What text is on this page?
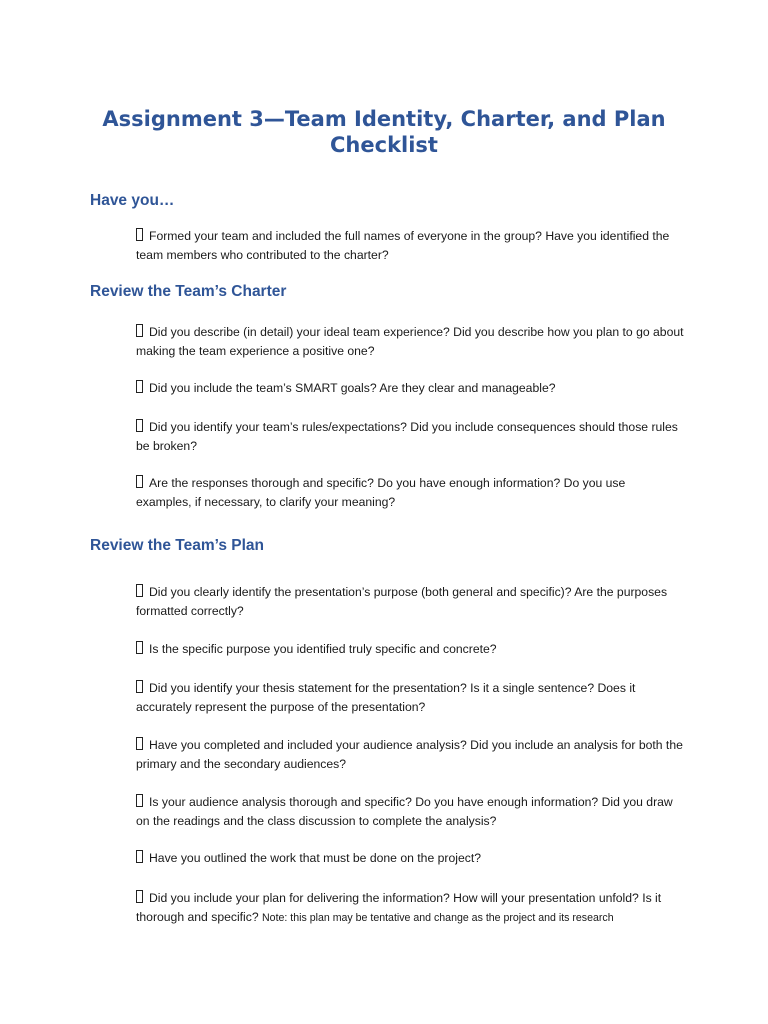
Assignment 3—Team Identity, Charter, and Plan Checklist
Have you…
Formed your team and included the full names of everyone in the group? Have you identified the team members who contributed to the charter?
Review the Team’s Charter
Did you describe (in detail) your ideal team experience? Did you describe how you plan to go about making the team experience a positive one?
Did you include the team’s SMART goals? Are they clear and manageable?
Did you identify your team’s rules/expectations? Did you include consequences should those rules be broken?
Are the responses thorough and specific? Do you have enough information? Do you use examples, if necessary, to clarify your meaning?
Review the Team’s Plan
Did you clearly identify the presentation’s purpose (both general and specific)? Are the purposes formatted correctly?
Is the specific purpose you identified truly specific and concrete?
Did you identify your thesis statement for the presentation? Is it a single sentence? Does it accurately represent the purpose of the presentation?
Have you completed and included your audience analysis? Did you include an analysis for both the primary and the secondary audiences?
Is your audience analysis thorough and specific? Do you have enough information? Did you draw on the readings and the class discussion to complete the analysis?
Have you outlined the work that must be done on the project?
Did you include your plan for delivering the information? How will your presentation unfold? Is it thorough and specific? Note: this plan may be tentative and change as the project and its research
